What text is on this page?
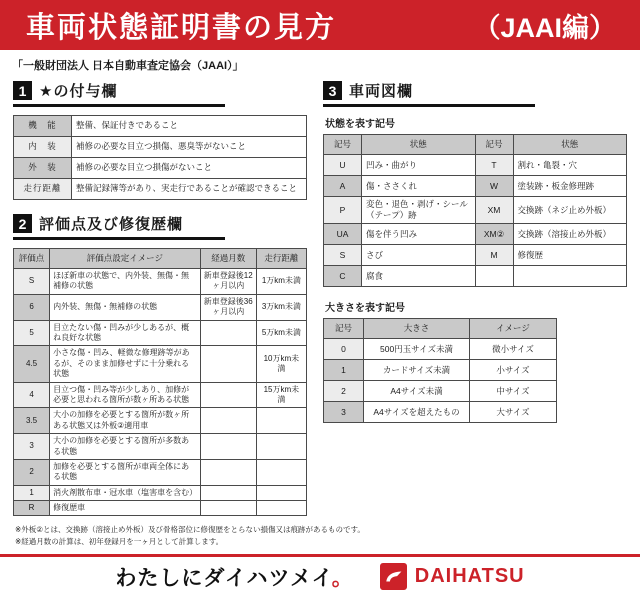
車両状態証明書の見方	（JAAI編）
「一般財団法人 日本自動車査定協会（JAAI）」
1 ★の付与欄
機　能	整備、保証付きであること
内　装	補修の必要な目立つ損傷、悪臭等がないこと
外　装	補修の必要な目立つ損傷がないこと
走行距離	整備記録簿等があり、実走行であることが確認できること
2 評価点及び修復歴欄
評価点	評価点設定イメージ	経過月数	走行距離
S	ほぼ新車の状態で、内外装、無傷・無補修の状態	新車登録後12ヶ月以内	1万km未満
6	内外装、無傷・無補修の状態	新車登録後36ヶ月以内	3万km未満
5	目立たない傷・凹みが少しあるが、概ね良好な状態		5万km未満
4.5	小さな傷・凹み、軽微な修理跡等があるが、そのまま加修せずに十分乗れる状態		10万km未満
4	目立つ傷・凹み等が少しあり、加修が必要と思われる箇所が数ヶ所ある状態		15万km未満
3.5	大小の加修を必要とする箇所が数ヶ所ある状態又は外板②適用車		
3	大小の加修を必要とする箇所が多数ある状態		
2	加修を必要とする箇所が車両全体にある状態		
1	消火剤散布車・冠水車（塩害車を含む）		
R	修復歴車		
3 車両図欄
状態を表す記号
記号	状態	記号	状態
U	凹み・曲がり	T	割れ・亀裂・穴
A	傷・ささくれ	W	塗装跡・板金修理跡
P	変色・退色・剥げ・シール（テープ）跡	XM	交換跡（ネジ止め外板）
UA	傷を伴う凹み	XM②	交換跡（溶接止め外板）
S	さび	M	修復歴
C	腐食		
大きさを表す記号
記号	大きさ	イメージ
0	500円玉サイズ未満	微小サイズ
1	カードサイズ未満	小サイズ
2	A4サイズ未満	中サイズ
3	A4サイズを超えたもの	大サイズ
※外板②とは、交換跡（溶接止め外板）及び骨格部位に修復歴をとらない損傷又は痕跡があるものです。
※経過月数の計算は、初年登録月を一ヶ月として計算します。
わたしにダイハツメイ。	DAIHATSU
